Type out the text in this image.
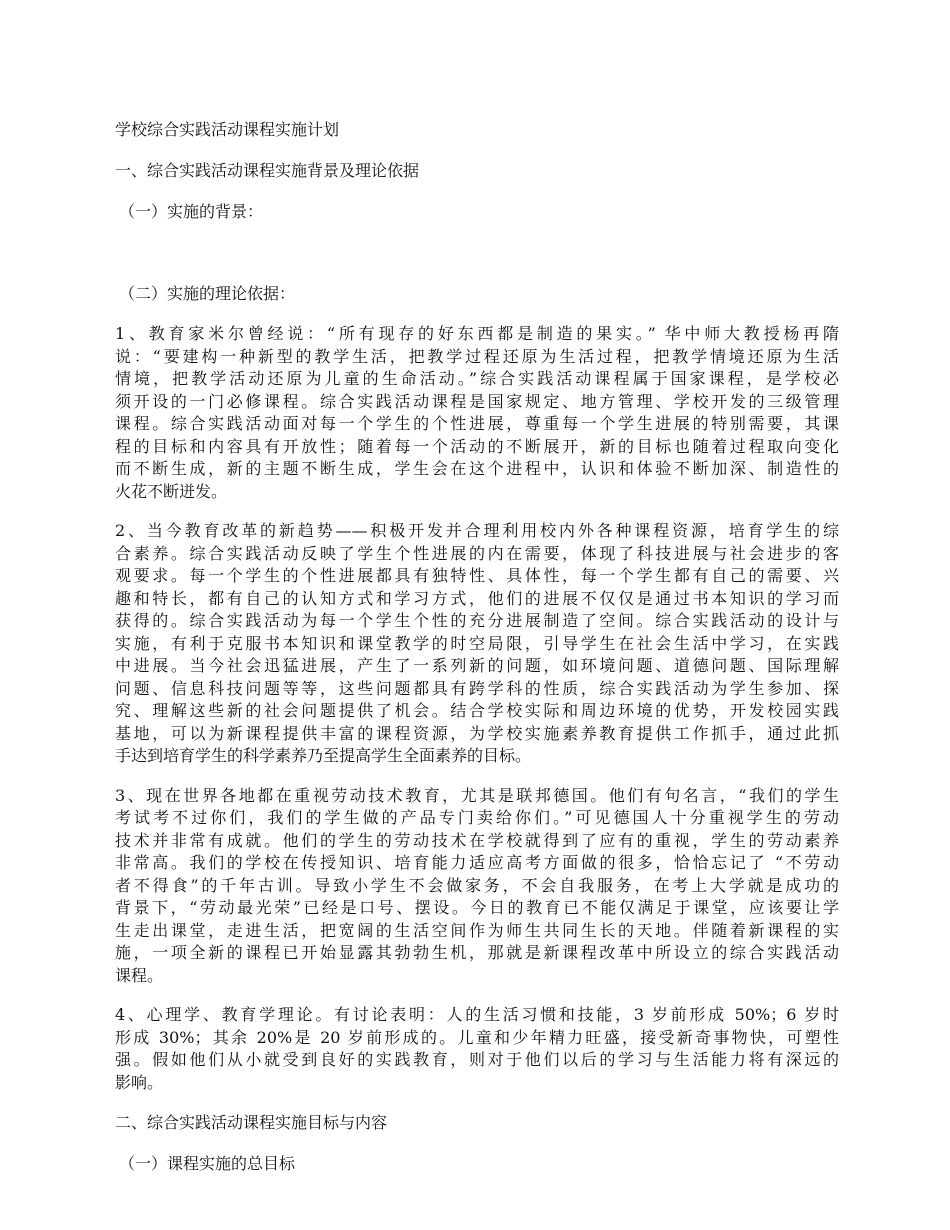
学校综合实践活动课程实施计划

一、综合实践活动课程实施背景及理论依据

（一）实施的背景：

（二）实施的理论依据：

1、教育家米尔曾经说：“所有现存的好东西都是制造的果实。” 华中师大教授杨再隋
说：“要建构一种新型的教学生活，把教学过程还原为生活过程，把教学情境还原为生活
情境，把教学活动还原为儿童的生命活动。”综合实践活动课程属于国家课程，是学校必
须开设的一门必修课程。综合实践活动课程是国家规定、地方管理、学校开发的三级管理
课程。综合实践活动面对每一个学生的个性进展，尊重每一个学生进展的特别需要，其课
程的目标和内容具有开放性；随着每一个活动的不断展开，新的目标也随着过程取向变化
而不断生成，新的主题不断生成，学生会在这个进程中，认识和体验不断加深、制造性的
火花不断迸发。
2、当今教育改革的新趋势——积极开发并合理利用校内外各种课程资源，培育学生的综
合素养。综合实践活动反映了学生个性进展的内在需要，体现了科技进展与社会进步的客
观要求。每一个学生的个性进展都具有独特性、具体性，每一个学生都有自己的需要、兴
趣和特长，都有自己的认知方式和学习方式，他们的进展不仅仅是通过书本知识的学习而
获得的。综合实践活动为每一个学生个性的充分进展制造了空间。综合实践活动的设计与
实施，有利于克服书本知识和课堂教学的时空局限，引导学生在社会生活中学习，在实践
中进展。当今社会迅猛进展，产生了一系列新的问题，如环境问题、道德问题、国际理解
问题、信息科技问题等等，这些问题都具有跨学科的性质，综合实践活动为学生参加、探
究、理解这些新的社会问题提供了机会。结合学校实际和周边环境的优势，开发校园实践
基地，可以为新课程提供丰富的课程资源，为学校实施素养教育提供工作抓手，通过此抓
手达到培育学生的科学素养乃至提高学生全面素养的目标。
3、现在世界各地都在重视劳动技术教育，尤其是联邦德国。他们有句名言，“我们的学生
考试考不过你们，我们的学生做的产品专门卖给你们。”可见德国人十分重视学生的劳动
技术并非常有成就。他们的学生的劳动技术在学校就得到了应有的重视，学生的劳动素养
非常高。我们的学校在传授知识、培育能力适应高考方面做的很多，恰恰忘记了 “不劳动
者不得食”的千年古训。导致小学生不会做家务，不会自我服务，在考上大学就是成功的
背景下，“劳动最光荣”已经是口号、摆设。今日的教育已不能仅满足于课堂，应该要让学
生走出课堂，走进生活，把宽阔的生活空间作为师生共同生长的天地。伴随着新课程的实
施，一项全新的课程已开始显露其勃勃生机，那就是新课程改革中所设立的综合实践活动
课程。
4、心理学、教育学理论。有讨论表明：人的生活习惯和技能，3 岁前形成 50%；6 岁时
形成 30%；其余 20%是 20 岁前形成的。儿童和少年精力旺盛，接受新奇事物快，可塑性
强。假如他们从小就受到良好的实践教育，则对于他们以后的学习与生活能力将有深远的
影响。

二、综合实践活动课程实施目标与内容

（一）课程实施的总目标
